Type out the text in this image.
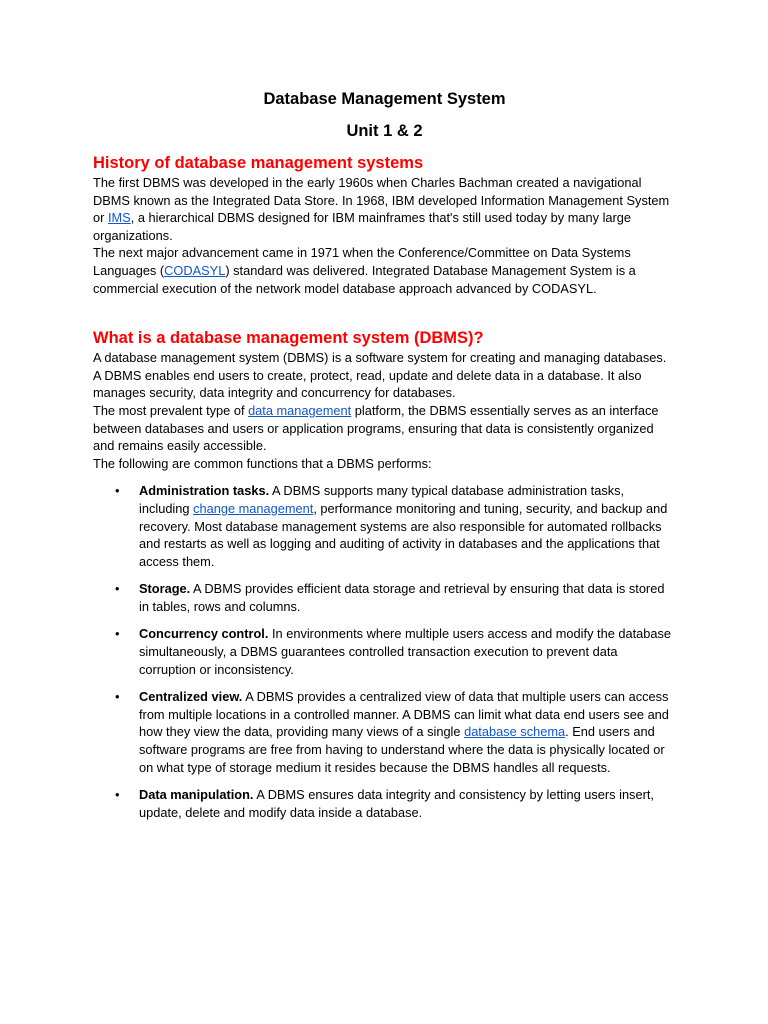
Database Management System
Unit 1 & 2
History of database management systems

The first DBMS was developed in the early 1960s when Charles Bachman created a navigational DBMS known as the Integrated Data Store. In 1968, IBM developed Information Management System or IMS, a hierarchical DBMS designed for IBM mainframes that's still used today by many large organizations.

The next major advancement came in 1971 when the Conference/Committee on Data Systems Languages (CODASYL) standard was delivered. Integrated Database Management System is a commercial execution of the network model database approach advanced by CODASYL.

What is a database management system (DBMS)?

A database management system (DBMS) is a software system for creating and managing databases. A DBMS enables end users to create, protect, read, update and delete data in a database. It also manages security, data integrity and concurrency for databases.

The most prevalent type of data management platform, the DBMS essentially serves as an interface between databases and users or application programs, ensuring that data is consistently organized and remains easily accessible.

The following are common functions that a DBMS performs:

• Administration tasks. A DBMS supports many typical database administration tasks, including change management, performance monitoring and tuning, security, and backup and recovery. Most database management systems are also responsible for automated rollbacks and restarts as well as logging and auditing of activity in databases and the applications that access them.
• Storage. A DBMS provides efficient data storage and retrieval by ensuring that data is stored in tables, rows and columns.
• Concurrency control. In environments where multiple users access and modify the database simultaneously, a DBMS guarantees controlled transaction execution to prevent data corruption or inconsistency.
• Centralized view. A DBMS provides a centralized view of data that multiple users can access from multiple locations in a controlled manner. A DBMS can limit what data end users see and how they view the data, providing many views of a single database schema. End users and software programs are free from having to understand where the data is physically located or on what type of storage medium it resides because the DBMS handles all requests.
• Data manipulation. A DBMS ensures data integrity and consistency by letting users insert, update, delete and modify data inside a database.
